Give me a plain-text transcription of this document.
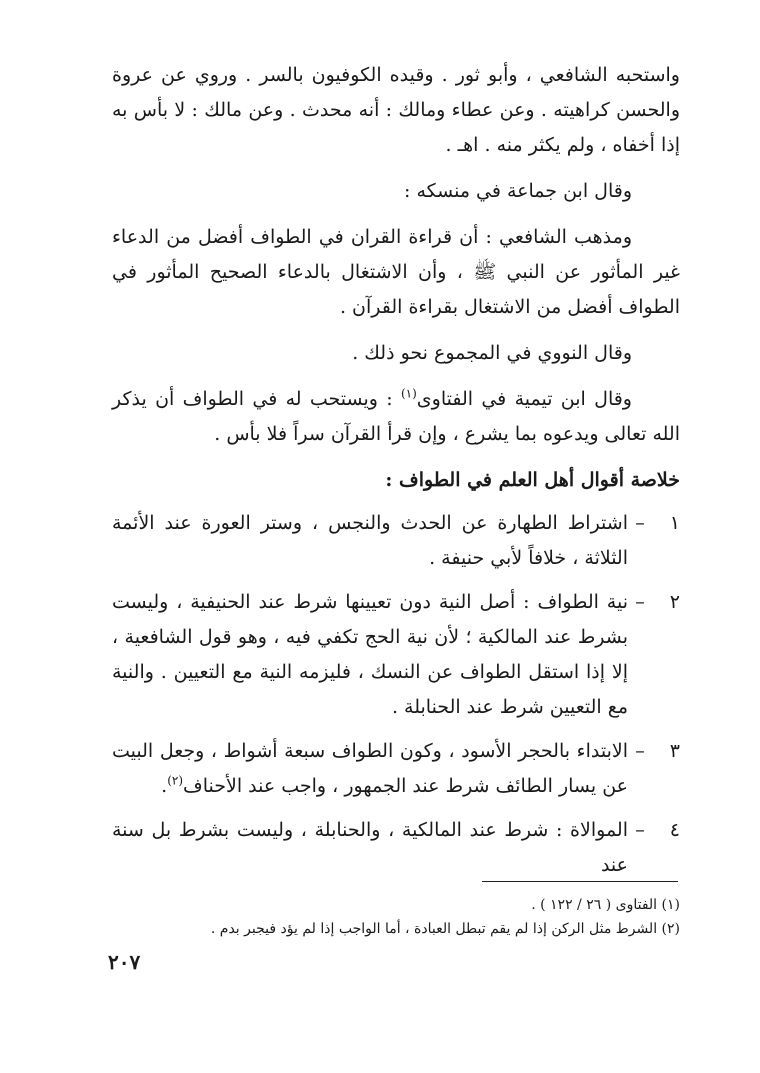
واستحبه الشافعي ، وأبو ثور . وقيده الكوفيون بالسر . وروي عن عروة والحسن كراهيته . وعن عطاء ومالك : أنه محدث . وعن مالك : لا بأس به إذا أخفاه ، ولم يكثر منه . اهـ .

وقال ابن جماعة في منسكه :

ومذهب الشافعي : أن قراءة القران في الطواف أفضل من الدعاء غير المأثور عن النبي ﷺ ، وأن الاشتغال بالدعاء الصحيح المأثور في الطواف أفضل من الاشتغال بقراءة القرآن .

وقال النووي في المجموع نحو ذلك .

وقال ابن تيمية في الفتاوى$^{(١)}$ : ويستحب له في الطواف أن يذكر الله تعالى ويدعوه بما يشرع ، وإن قرأ القرآن سراً فلا بأس .

خلاصة أقوال أهل العلم في الطواف :

١
–
اشتراط الطهارة عن الحدث والنجس ، وستر العورة عند الأئمة الثلاثة ، خلافاً لأبي حنيفة .
٢
–
نية الطواف : أصل النية دون تعيينها شرط عند الحنيفية ، وليست بشرط عند المالكية ؛ لأن نية الحج تكفي فيه ، وهو قول الشافعية ، إلا إذا استقل الطواف عن النسك ، فليزمه النية مع التعيين . والنية مع التعيين شرط عند الحنابلة .
٣
–
الابتداء بالحجر الأسود ، وكون الطواف سبعة أشواط ، وجعل البيت عن يسار الطائف شرط عند الجمهور ، واجب عند الأحناف$^{(٢)}$.
٤
–
الموالاة : شرط عند المالكية ، والحنابلة ، وليست بشرط بل سنة عند
(١) الفتاوى ( ٢٦ / ١٢٢ ) .
(٢) الشرط مثل الركن إذا لم يقم تبطل العبادة ، أما الواجب إذا لم يؤد فيجبر بدم .
٢٠٧
